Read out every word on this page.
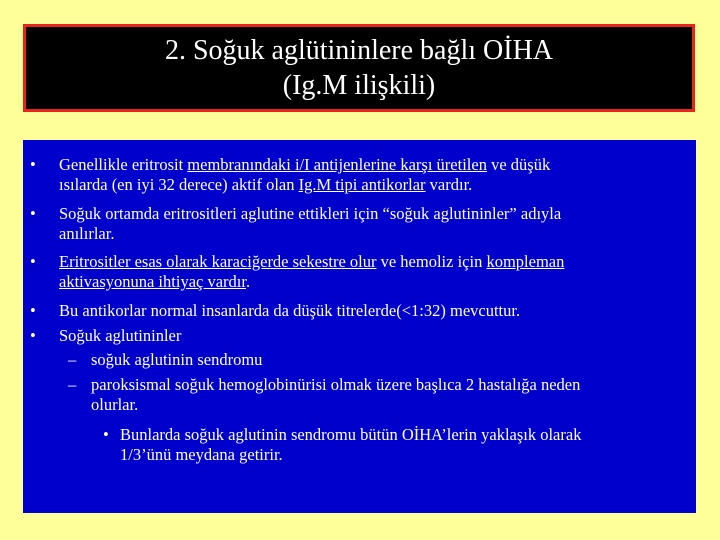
2. Soğuk aglütininlere bağlı OİHA
(Ig.M ilişkili)
• Genellikle eritrosit membranındaki i/I antijenlerine karşı üretilen ve düşük
ısılarda (en iyi 32 derece) aktif olan Ig.M tipi antikorlar vardır.
• Soğuk ortamda eritrositleri aglutine ettikleri için “soğuk aglutininler” adıyla
anılırlar.
• Eritrositler esas olarak karaciğerde sekestre olur ve hemoliz için kompleman
aktivasyonuna ihtiyaç vardır.
• Bu antikorlar normal insanlarda da düşük titrelerde(<1:32) mevcuttur.
• Soğuk aglutininler
– soğuk aglutinin sendromu
– paroksismal soğuk hemoglobinürisi olmak üzere başlıca 2 hastalığa neden
olurlar.
• Bunlarda soğuk aglutinin sendromu bütün OİHA’lerin yaklaşık olarak
1/3’ünü meydana getirir.
